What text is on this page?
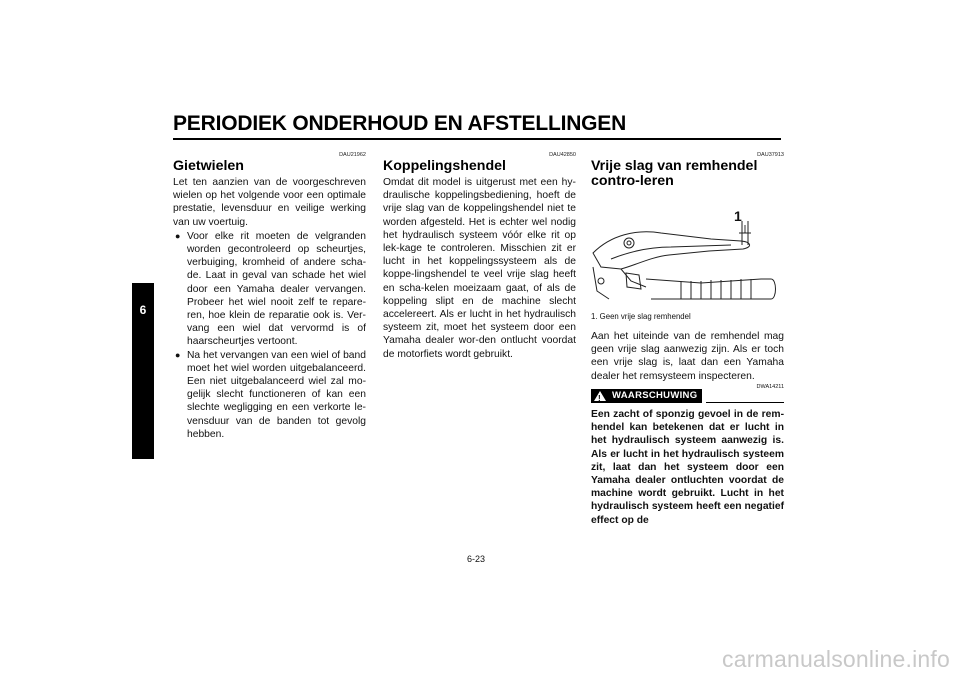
PERIODIEK ONDERHOUD EN AFSTELLINGEN
6
DAU21962
Gietwielen

Let ten aanzien van de voorgeschreven wielen op het volgende voor een optimale prestatie, levensduur en veilige werking van uw voertuig.

● Voor elke rit moeten de velgranden worden gecontroleerd op scheurtjes, verbuiging, kromheid of andere scha-de. Laat in geval van schade het wiel door een Yamaha dealer vervangen. Probeer het wiel nooit zelf te repare-ren, hoe klein de reparatie ook is. Ver-vang een wiel dat vervormd is of haarscheurtjes vertoont.
● Na het vervangen van een wiel of band moet het wiel worden uitgebalanceerd. Een niet uitgebalanceerd wiel zal mo-gelijk slecht functioneren of kan een slechte wegligging en een verkorte le-vensduur van de banden tot gevolg hebben.
DAU42850
Koppelingshendel

Omdat dit model is uitgerust met een hy-draulische koppelingsbediening, hoeft de vrije slag van de koppelingshendel niet te worden afgesteld. Het is echter wel nodig het hydraulisch systeem vóór elke rit op lek-kage te controleren. Misschien zit er lucht in het koppelingssysteem als de koppe-lingshendel te veel vrije slag heeft en scha-kelen moeizaam gaat, of als de koppeling slipt en de machine slecht accelereert. Als er lucht in het hydraulisch systeem zit, moet het systeem door een Yamaha dealer wor-den ontlucht voordat de motorfiets wordt gebruikt.

DAU37913
Vrije slag van remhendel contro-leren
1
1. Geen vrije slag remhendel

Aan het uiteinde van de remhendel mag geen vrije slag aanwezig zijn. Als er toch een vrije slag is, laat dan een Yamaha dealer het remsysteem inspecteren.

!
WAARSCHUWING
DWA14211

Een zacht of sponzig gevoel in de rem-hendel kan betekenen dat er lucht in het hydraulisch systeem aanwezig is. Als er lucht in het hydraulisch systeem zit, laat dan het systeem door een Yamaha dealer ontluchten voordat de machine wordt gebruikt. Lucht in het hydraulisch systeem heeft een negatief effect op de

6-23
carmanualsonline.info
